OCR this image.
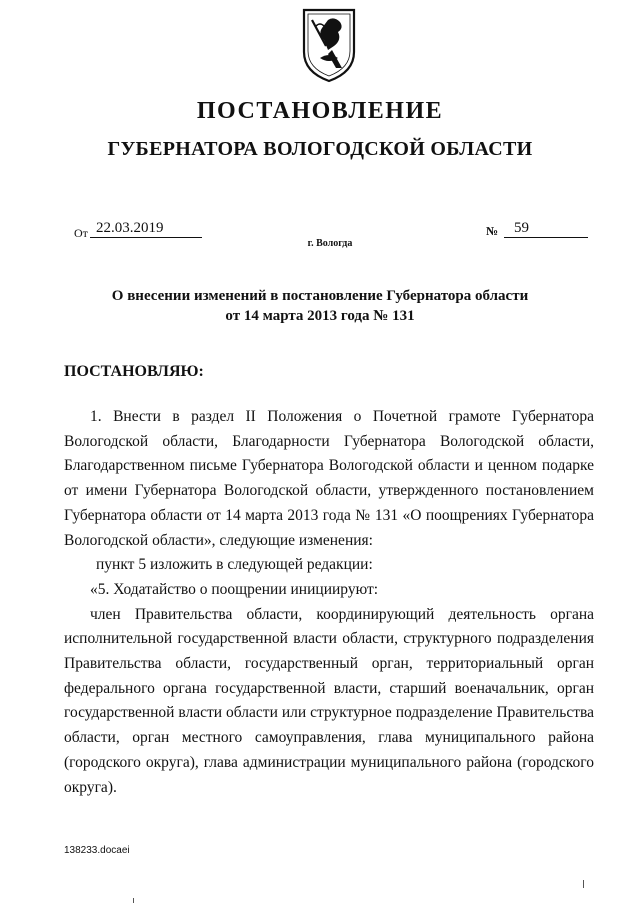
ПОСТАНОВЛЕНИЕ
ГУБЕРНАТОРА ВОЛОГОДСКОЙ ОБЛАСТИ
От 22.03.2019	№	59
г. Вологда
О внесении изменений в постановление Губернатора области
от 14 марта 2013 года № 131
ПОСТАНОВЛЯЮ:

1. Внести в раздел II Положения о Почетной грамоте Губернатора Вологодской области, Благодарности Губернатора Вологодской области, Благодарственном письме Губернатора Вологодской области и ценном подарке от имени Губернатора Вологодской области, утвержденного постановлением Губернатора области от 14 марта 2013 года № 131 «О поощрениях Губернатора Вологодской области», следующие изменения:

пункт 5 изложить в следующей редакции:

«5. Ходатайство о поощрении инициируют:

член Правительства области, координирующий деятельность органа исполнительной государственной власти области, структурного подразделения Правительства области, государственный орган, территориальный орган федерального органа государственной власти, старший военачальник, орган государственной власти области или структурное подразделение Правительства области, орган местного самоуправления, глава муниципального района (городского округа), глава администрации муниципального района (городского округа).

138233.docaei
